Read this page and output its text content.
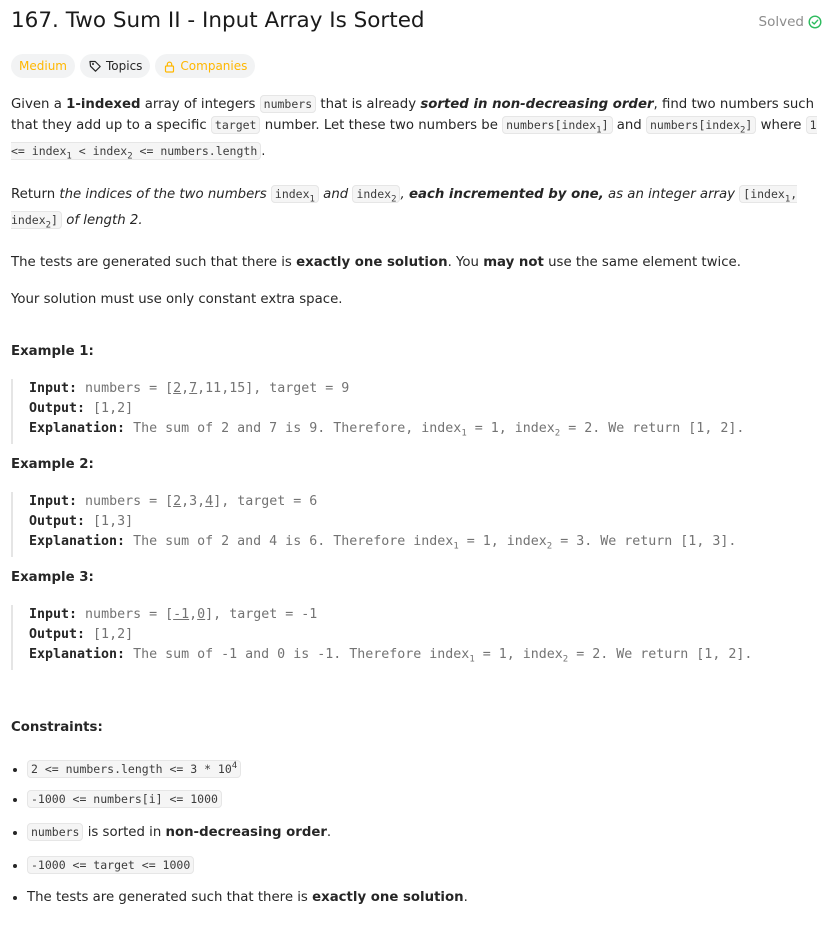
167. Two Sum II - Input Array Is Sorted	Solved
Medium	Topics	Companies

Given a 1-indexed array of integers numbers that is already sorted in non-decreasing order, find two numbers such that they add up to a specific target number. Let these two numbers be numbers[index$_1$] and numbers[index$_2$] where 1 <= index$_1$ < index$_2$ <= numbers.length .

Return the indices of the two numbers index$_1$ and index$_2$ , each incremented by one, as an integer array [index$_1$, index$_2$] of length 2.

The tests are generated such that there is exactly one solution. You may not use the same element twice.

Your solution must use only constant extra space.

Example 1:
Input: numbers = [2,7,11,15], target = 9
Output: [1,2]
Explanation: The sum of 2 and 7 is 9. Therefore, index$_1$ = 1, index$_2$ = 2. We return [1, 2].
Example 2:
Input: numbers = [2,3,4], target = 6
Output: [1,3]
Explanation: The sum of 2 and 4 is 6. Therefore index$_1$ = 1, index$_2$ = 3. We return [1, 3].
Example 3:
Input: numbers = [-1,0], target = -1
Output: [1,2]
Explanation: The sum of -1 and 0 is -1. Therefore index$_1$ = 1, index$_2$ = 2. We return [1, 2].
Constraints:
• 2 <= numbers.length <= $3 * 10^4$
• -1000 <= numbers[i] <= 1000
• numbers is sorted in non-decreasing order.
• -1000 <= target <= 1000
• The tests are generated such that there is exactly one solution.
